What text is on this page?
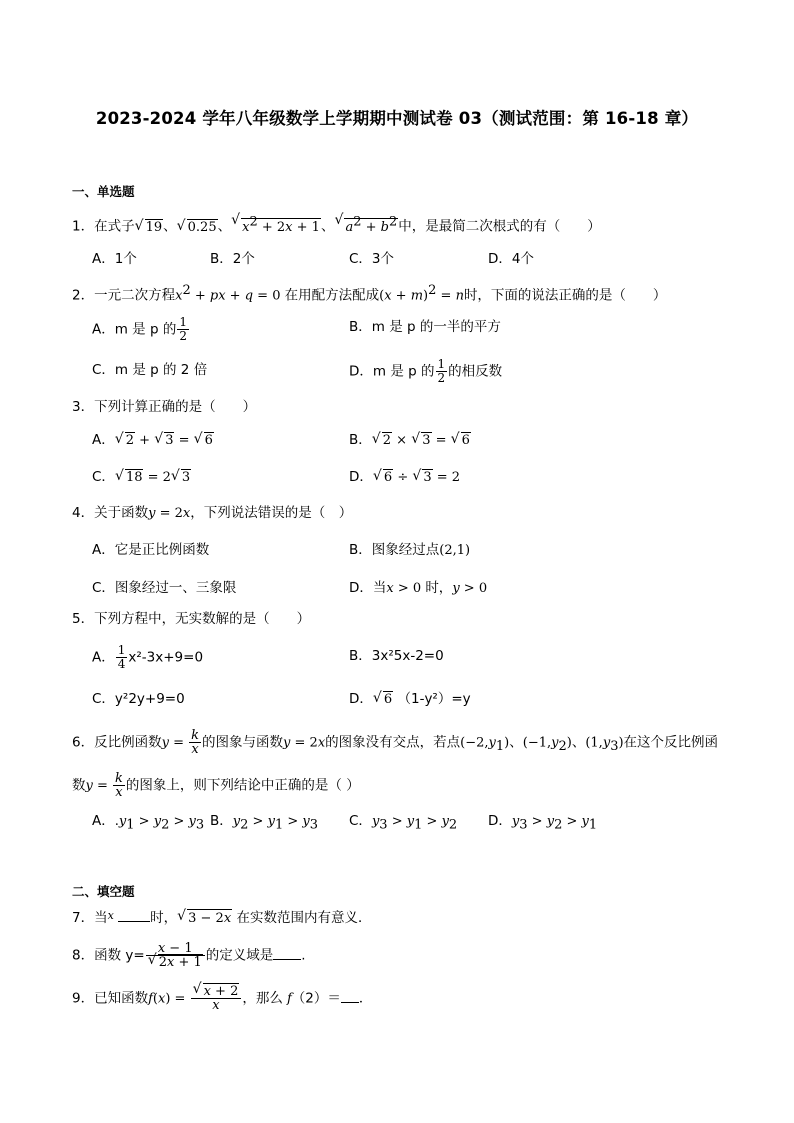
2023-2024 学年八年级数学上学期期中测试卷 03（测试范围：第 16-18 章）
一、单选题
1．在式子 √ 19、 √ 0.25、 √ $x^2 + 2x + 1$、 √ $a^2 + b^2$中，是最简二次根式的有（　　）
A．1个	B．2个	C．3个	D．4个
2．一元二次方程$x^2$ + px + q = 0 在用配方法配成$(x + m)^2 = n$时，下面的说法正确的是（　　）
A．m 是 p 的 $\frac{1}{2}$	B．m 是 p 的一半的平方
C．m 是 p 的 2 倍	D．m 是 p 的 $\frac{1}{2}$ 的相反数
3．下列计算正确的是（　　）
A． √ 2 + √ 3 = √ 6	B． √ 2 × √ 3 = √ 6
C． √ 18 = 2 √ 3	D． √ 6 ÷ √ 3 = 2
4．关于函数y = 2x，下列说法错误的是（　）
A．它是正比例函数	B．图象经过点(2,1)
C．图象经过一、三象限	D．当x > 0 时，y > 0
5．下列方程中，无实数解的是（　　）
A． $\frac{1}{4} x^2-3x+9=0$	B．3x²5x-2=0
C．y²2y+9=0	D． √ 6 （1-y²）=y
6．反比例函数$y = \frac{k}{x}$ 的图象与函数y = 2x的图象没有交点，若点$(-2,y_1)$、$(-1,y_2)$、$(1,y_3)$在这个反比例函
数$y = \frac{k}{x}$ 的图象上，则下列结论中正确的是（ ）
A．$.y_1 > y_2 > y_3$ B．$y_2 > y_1 > y_3$ C．$y_3 > y_1 > y_2$ D．$y_3 > y_2 > y_1$
二、填空题
7．当$^x$	时， √ 3 − 2x 在实数范围内有意义．
8．函数 y= x − 1
√ 2x + 1 的定义域是 .
9．已知函数f(x) = √ $\frac{x + 2}{x}$ ，那么 f（2）＝ ．
